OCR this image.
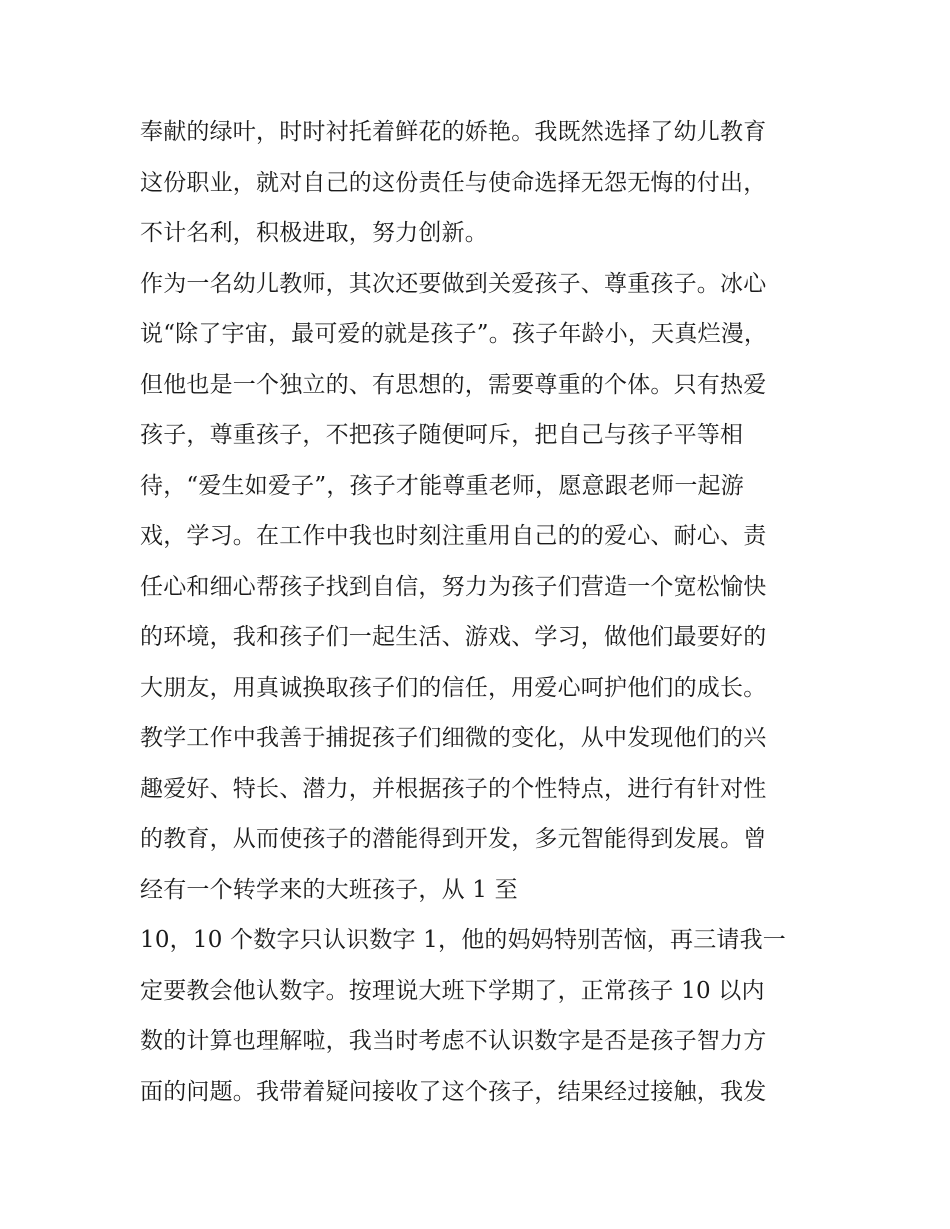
奉献的绿叶，时时衬托着鲜花的娇艳。我既然选择了幼儿教育
这份职业，就对自己的这份责任与使命选择无怨无悔的付出，
不计名利，积极进取，努力创新。
作为一名幼儿教师，其次还要做到关爱孩子、尊重孩子。冰心
说“除了宇宙，最可爱的就是孩子”。孩子年龄小，天真烂漫，
但他也是一个独立的、有思想的，需要尊重的个体。只有热爱
孩子，尊重孩子，不把孩子随便呵斥，把自己与孩子平等相
待，“爱生如爱子”，孩子才能尊重老师，愿意跟老师一起游
戏，学习。在工作中我也时刻注重用自己的的爱心、耐心、责
任心和细心帮孩子找到自信，努力为孩子们营造一个宽松愉快
的环境，我和孩子们一起生活、游戏、学习，做他们最要好的
大朋友，用真诚换取孩子们的信任，用爱心呵护他们的成长。
教学工作中我善于捕捉孩子们细微的变化，从中发现他们的兴
趣爱好、特长、潜力，并根据孩子的个性特点，进行有针对性
的教育，从而使孩子的潜能得到开发，多元智能得到发展。曾
经有一个转学来的大班孩子，从 1 至
10，10 个数字只认识数字 1，他的妈妈特别苦恼，再三请我一
定要教会他认数字。按理说大班下学期了，正常孩子 10 以内
数的计算也理解啦，我当时考虑不认识数字是否是孩子智力方
面的问题。我带着疑问接收了这个孩子，结果经过接触，我发
